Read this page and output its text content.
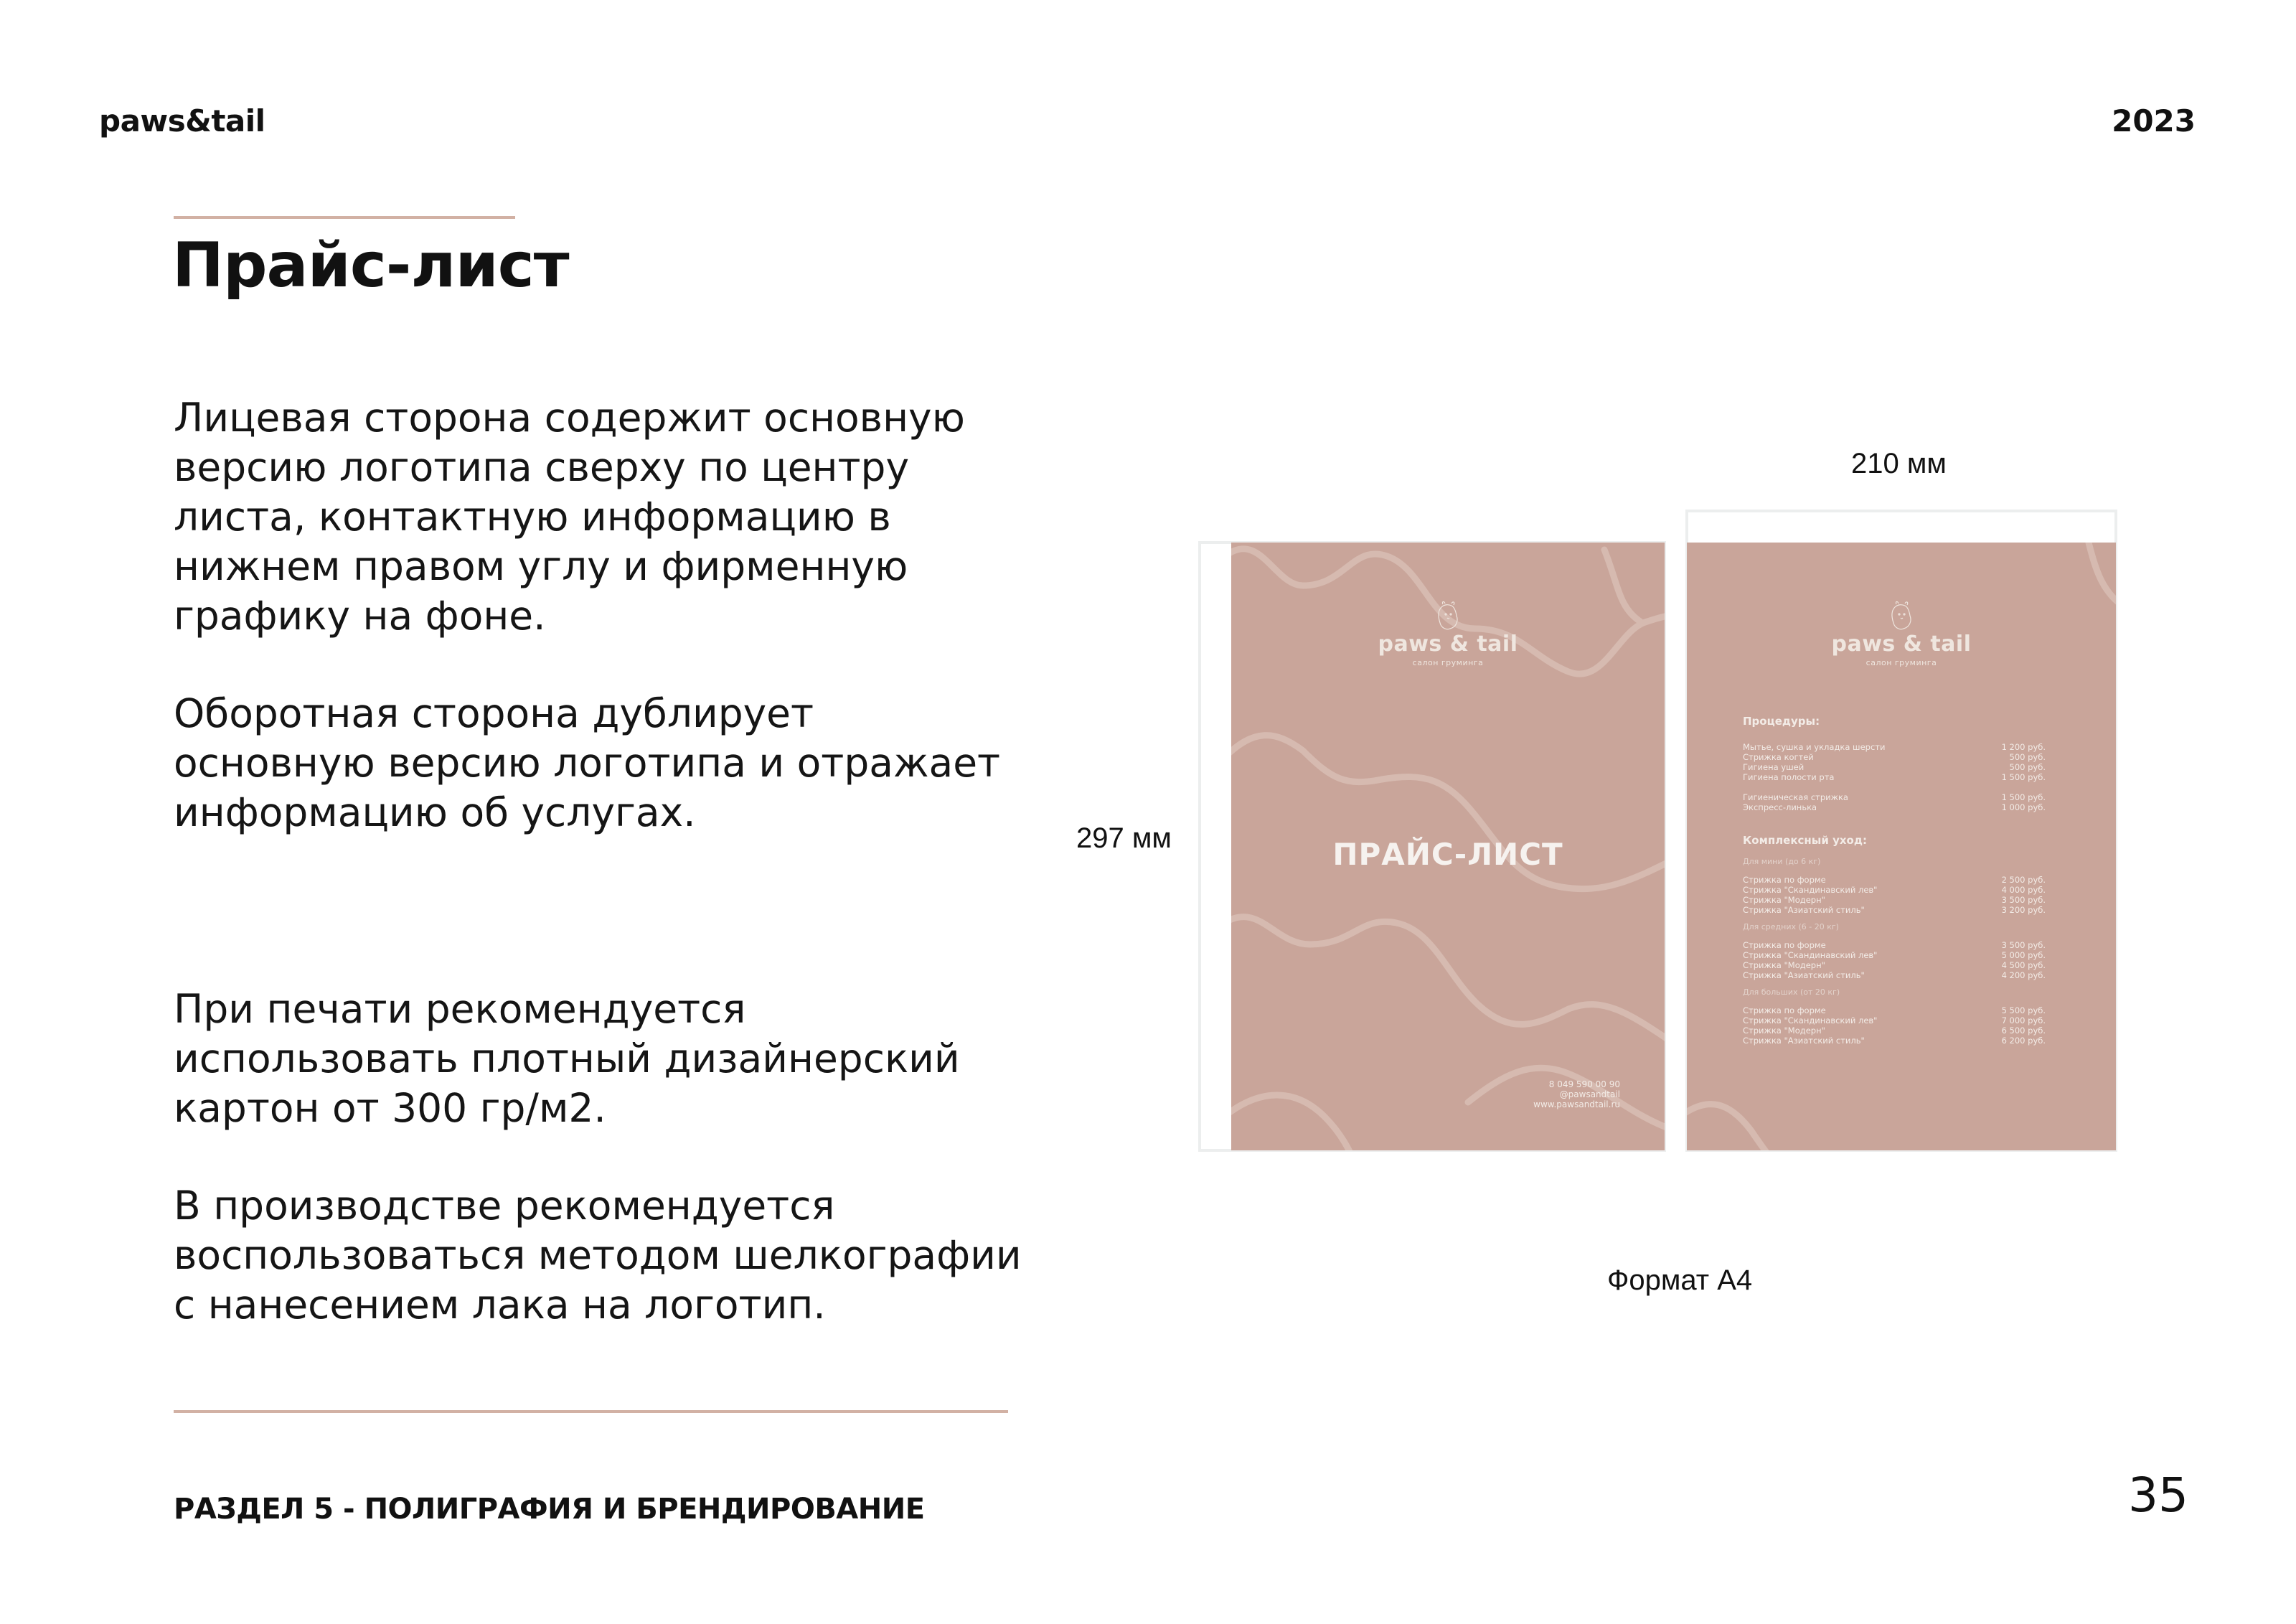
paws&tail	2023
Прайс-лист
Лицевая сторона содержит основную
версию логотипа сверху по центру
листа, контактную информацию в
нижнем правом углу и фирменную
графику на фоне.
Оборотная сторона дублирует
основную версию логотипа и отражает
информацию об услугах.
При печати рекомендуется
использовать плотный дизайнерский
картон от 300 гр/м2.
В производстве рекомендуется
воспользоваться методом шелкографии
с нанесением лака на логотип.
210 мм
297 мм
Формат А4
paws & tail
салон груминга
ПРАЙС-ЛИСТ
8 049 590 00 90
@pawsandtail
www.pawsandtail.ru
paws & tail
салон груминга
Процедуры:
Мытье, сушка и укладка шерсти	1 200 руб.
Стрижка когтей	500 руб.
Гигиена ушей	500 руб.
Гигиена полости рта	1 500 руб.
Гигиеническая стрижка	1 500 руб.
Экспресс-линька	1 000 руб.
Комплексный уход:
Для мини (до 6 кг)
Стрижка по форме	2 500 руб.
Стрижка "Скандинавский лев"	4 000 руб.
Стрижка "Модерн"	3 500 руб.
Стрижка "Азиатский стиль"	3 200 руб.
Для средних (6 - 20 кг)
Стрижка по форме	3 500 руб.
Стрижка "Скандинавский лев"	5 000 руб.
Стрижка "Модерн"	4 500 руб.
Стрижка "Азиатский стиль"	4 200 руб.
Для больших (от 20 кг)
Стрижка по форме	5 500 руб.
Стрижка "Скандинавский лев"	7 000 руб.
Стрижка "Модерн"	6 500 руб.
Стрижка "Азиатский стиль"	6 200 руб.
РАЗДЕЛ 5 - ПОЛИГРАФИЯ И БРЕНДИРОВАНИЕ	35
